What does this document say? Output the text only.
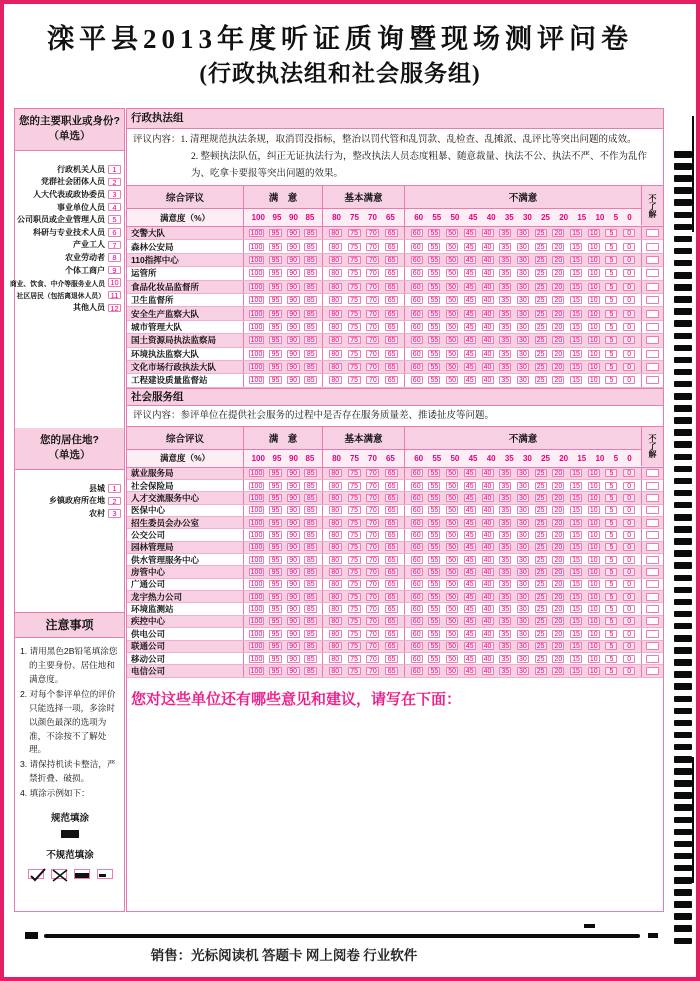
滦平县2013年度听证质询暨现场测评问卷
(行政执法组和社会服务组)
您的主要职业或身份?
（单选）
行政机关人员 1
党群社会团体人员 2
人大代表或政协委员 3
事业单位人员 4
公司职员或企业管理人员 5
科研与专业技术人员 6
产业工人 7
农业劳动者 8
个体工商户 9
商业、饮食、中介等服务业人员 10
社区居民（包括离退休人员） 11
其他人员 12
您的居住地?
（单选）
县城 1
乡镇政府所在地 2
农村 3
注意事项
1. 请用黑色2B铅笔填涂您的主要身份、居住地和满意度。
2. 对每个参评单位的评价只能选择一项，多涂时以颜色最深的选项为准，不涂按不了解处理。
3. 请保持机读卡整洁，严禁折叠、破损。
4. 填涂示例如下：
规范填涂
不规范填涂
行政执法组
评议内容：1. 清理规范执法条规，取消罚没指标，整治以罚代管和乱罚款、乱检查、乱摊派、乱评比等突出问题的成效。
2. 整顿执法队伍，纠正无证执法行为，整改执法人员态度粗暴、随意裁量、执法不公、执法不严、不作为乱作为、吃拿卡要报等突出问题的效果。
综合评议	满　意	基本满意	不满意
满意度（%）	100 95 90 85 80 75 70 65 60 55 50 45 40 35 30 25 20 15 10 5 0	不了解
交警大队	100	95	90	85	80	75	70	65	60	55	50	45	40	35	30	25	20	15	10	5	0
森林公安局	100	95	90	85	80	75	70	65	60	55	50	45	40	35	30	25	20	15	10	5	0
110指挥中心	100	95	90	85	80	75	70	65	60	55	50	45	40	35	30	25	20	15	10	5	0
运管所	100	95	90	85	80	75	70	65	60	55	50	45	40	35	30	25	20	15	10	5	0
食品化妆品监督所	100	95	90	85	80	75	70	65	60	55	50	45	40	35	30	25	20	15	10	5	0
卫生监督所	100	95	90	85	80	75	70	65	60	55	50	45	40	35	30	25	20	15	10	5	0
安全生产监察大队	100	95	90	85	80	75	70	65	60	55	50	45	40	35	30	25	20	15	10	5	0
城市管理大队	100	95	90	85	80	75	70	65	60	55	50	45	40	35	30	25	20	15	10	5	0
国土资源局执法监察局	100	95	90	85	80	75	70	65	60	55	50	45	40	35	30	25	20	15	10	5	0
环境执法监察大队	100	95	90	85	80	75	70	65	60	55	50	45	40	35	30	25	20	15	10	5	0
文化市场行政执法大队	100	95	90	85	80	75	70	65	60	55	50	45	40	35	30	25	20	15	10	5	0
工程建设质量监督站	100	95	90	85	80	75	70	65	60	55	50	45	40	35	30	25	20	15	10	5	0
社会服务组
评议内容：参评单位在提供社会服务的过程中是否存在服务质量差、推诿扯皮等问题。
综合评议	满　意	基本满意	不满意
满意度（%）	100 95 90 85 80 75 70 65 60 55 50 45 40 35 30 25 20 15 10 5 0	不了解
就业服务局	100	95	90	85	80	75	70	65	60	55	50	45	40	35	30	25	20	15	10	5	0
社会保险局	100	95	90	85	80	75	70	65	60	55	50	45	40	35	30	25	20	15	10	5	0
人才交流服务中心	100	95	90	85	80	75	70	65	60	55	50	45	40	35	30	25	20	15	10	5	0
医保中心	100	95	90	85	80	75	70	65	60	55	50	45	40	35	30	25	20	15	10	5	0
招生委员会办公室	100	95	90	85	80	75	70	65	60	55	50	45	40	35	30	25	20	15	10	5	0
公交公司	100	95	90	85	80	75	70	65	60	55	50	45	40	35	30	25	20	15	10	5	0
园林管理局	100	95	90	85	80	75	70	65	60	55	50	45	40	35	30	25	20	15	10	5	0
供水管理服务中心	100	95	90	85	80	75	70	65	60	55	50	45	40	35	30	25	20	15	10	5	0
房管中心	100	95	90	85	80	75	70	65	60	55	50	45	40	35	30	25	20	15	10	5	0
广通公司	100	95	90	85	80	75	70	65	60	55	50	45	40	35	30	25	20	15	10	5	0
龙宇热力公司	100	95	90	85	80	75	70	65	60	55	50	45	40	35	30	25	20	15	10	5	0
环境监测站	100	95	90	85	80	75	70	65	60	55	50	45	40	35	30	25	20	15	10	5	0
疾控中心	100	95	90	85	80	75	70	65	60	55	50	45	40	35	30	25	20	15	10	5	0
供电公司	100	95	90	85	80	75	70	65	60	55	50	45	40	35	30	25	20	15	10	5	0
联通公司	100	95	90	85	80	75	70	65	60	55	50	45	40	35	30	25	20	15	10	5	0
移动公司	100	95	90	85	80	75	70	65	60	55	50	45	40	35	30	25	20	15	10	5	0
电信公司	100	95	90	85	80	75	70	65	60	55	50	45	40	35	30	25	20	15	10	5	0
您对这些单位还有哪些意见和建议，请写在下面：
销售：光标阅读机 答题卡 网上阅卷 行业软件
